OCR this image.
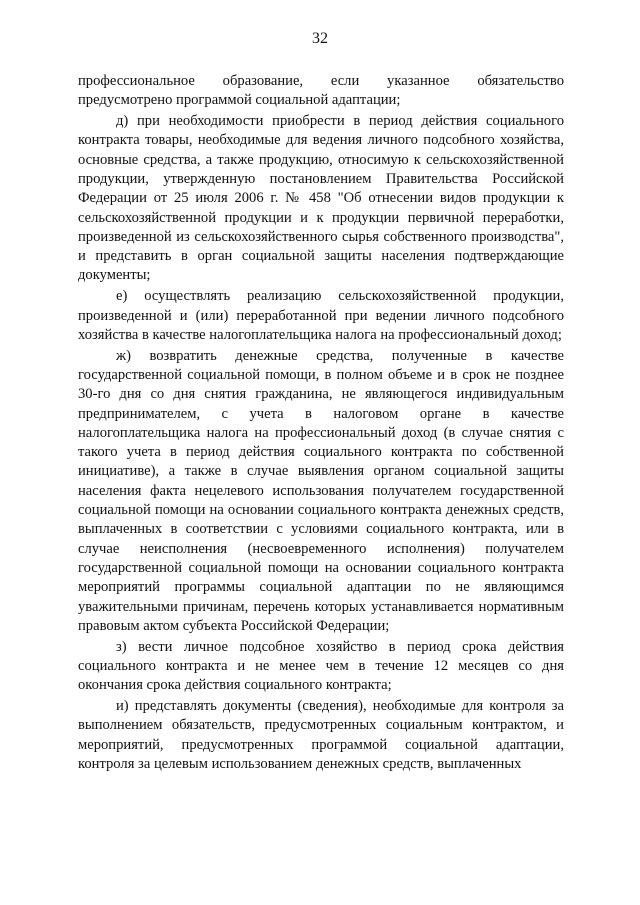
32

профессиональное образование, если указанное обязательство предусмотрено программой социальной адаптации;

д) при необходимости приобрести в период действия социального контракта товары, необходимые для ведения личного подсобного хозяйства, основные средства, а также продукцию, относимую к сельскохозяйственной продукции, утвержденную постановлением Правительства Российской Федерации от 25 июля 2006 г. № 458 "Об отнесении видов продукции к сельскохозяйственной продукции и к продукции первичной переработки, произведенной из сельскохозяйственного сырья собственного производства", и представить в орган социальной защиты населения подтверждающие документы;

е) осуществлять реализацию сельскохозяйственной продукции, произведенной и (или) переработанной при ведении личного подсобного хозяйства в качестве налогоплательщика налога на профессиональный доход;

ж) возвратить денежные средства, полученные в качестве государственной социальной помощи, в полном объеме и в срок не позднее 30-го дня со дня снятия гражданина, не являющегося индивидуальным предпринимателем, с учета в налоговом органе в качестве налогоплательщика налога на профессиональный доход (в случае снятия с такого учета в период действия социального контракта по собственной инициативе), а также в случае выявления органом социальной защиты населения факта нецелевого использования получателем государственной социальной помощи на основании социального контракта денежных средств, выплаченных в соответствии с условиями социального контракта, или в случае неисполнения (несвоевременного исполнения) получателем государственной социальной помощи на основании социального контракта мероприятий программы социальной адаптации по не являющимся уважительными причинам, перечень которых устанавливается нормативным правовым актом субъекта Российской Федерации;

з) вести личное подсобное хозяйство в период срока действия социального контракта и не менее чем в течение 12 месяцев со дня окончания срока действия социального контракта;

и) представлять документы (сведения), необходимые для контроля за выполнением обязательств, предусмотренных социальным контрактом, и мероприятий, предусмотренных программой социальной адаптации, контроля за целевым использованием денежных средств, выплаченных
